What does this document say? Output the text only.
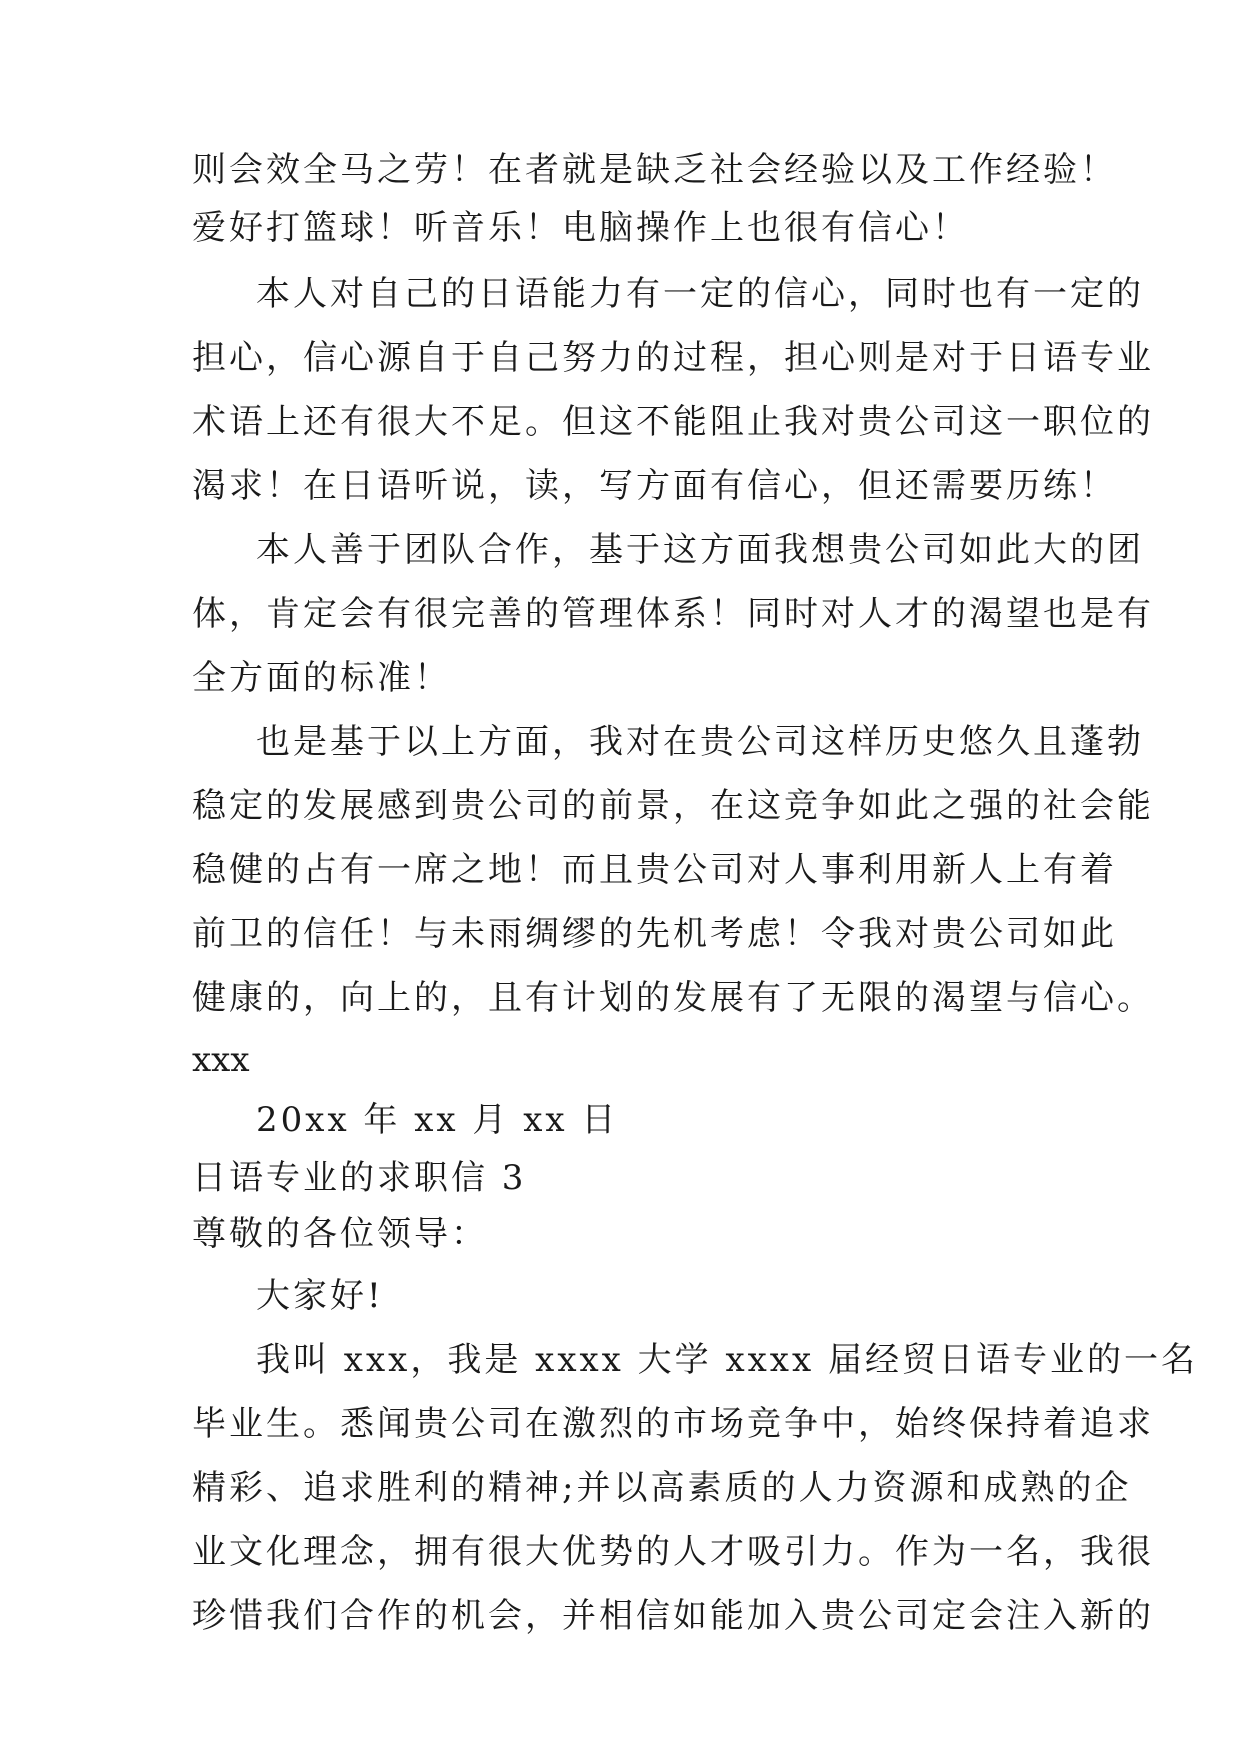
则会效全马之劳！在者就是缺乏社会经验以及工作经验！
爱好打篮球！听音乐！电脑操作上也很有信心！
本人对自己的日语能力有一定的信心，同时也有一定的
担心，信心源自于自己努力的过程，担心则是对于日语专业
术语上还有很大不足。但这不能阻止我对贵公司这一职位的
渴求！在日语听说，读，写方面有信心，但还需要历练！
本人善于团队合作，基于这方面我想贵公司如此大的团
体，肯定会有很完善的管理体系！同时对人才的渴望也是有
全方面的标准！
也是基于以上方面，我对在贵公司这样历史悠久且蓬勃
稳定的发展感到贵公司的前景，在这竞争如此之强的社会能
稳健的占有一席之地！而且贵公司对人事利用新人上有着
前卫的信任！与未雨绸缪的先机考虑！令我对贵公司如此
健康的，向上的，且有计划的发展有了无限的渴望与信心。
xxx
20xx 年 xx 月 xx 日
日语专业的求职信 3
尊敬的各位领导：
大家好!
我叫 xxx，我是 xxxx 大学 xxxx 届经贸日语专业的一名
毕业生。悉闻贵公司在激烈的市场竞争中，始终保持着追求
精彩、追求胜利的精神;并以高素质的人力资源和成熟的企
业文化理念，拥有很大优势的人才吸引力。作为一名，我很
珍惜我们合作的机会，并相信如能加入贵公司定会注入新的
